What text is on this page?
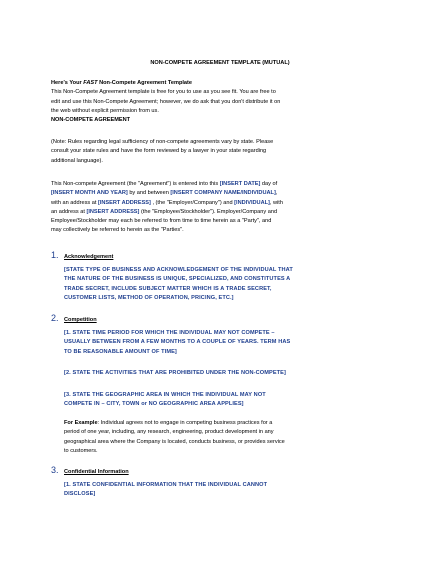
NON-COMPETE AGREEMENT TEMPLATE (MUTUAL)

Here's Your FAST Non-Compete Agreement Template

This Non-Compete Agreement template is free for you to use as you see fit. You are free to

edit and use this Non-Compete Agreement; however, we do ask that you don't distribute it on

the web without explicit permission from us.

NON-COMPETE AGREEMENT

(Note: Rules regarding legal sufficiency of non-compete agreements vary by state. Please

consult your state rules and have the form reviewed by a lawyer in your state regarding

additional language).

This Non-compete Agreement (the "Agreement") is entered into this [INSERT DATE] day of

[INSERT MONTH AND YEAR] by and between [INSERT COMPANY NAME/INDIVIDUAL],

with an address at [INSERT ADDRESS] , (the "Employer/Company") and [INDIVIDUAL], with

an address at [INSERT ADDRESS] (the "Employee/Stockholder"). Employer/Company and

Employee/Stockholder may each be referred to from time to time herein as a "Party", and

may collectively be referred to herein as the "Parties".

1. Acknowledgement

[STATE TYPE OF BUSINESS AND ACKNOWLEDGEMENT OF THE INDIVIDUAL THAT

THE NATURE OF THE BUSINESS IS UNIQUE, SPECIALIZED, AND CONSTITUTES A

TRADE SECRET, INCLUDE SUBJECT MATTER WHICH IS A TRADE SECRET,

CUSTOMER LISTS, METHOD OF OPERATION, PRICING, ETC.]

2. Competition

[1. STATE TIME PERIOD FOR WHICH THE INDIVIDUAL MAY NOT COMPETE –

USUALLY BETWEEN FROM A FEW MONTHS TO A COUPLE OF YEARS. TERM HAS

TO BE REASONABLE AMOUNT OF TIME]

[2. STATE THE ACTIVITIES THAT ARE PROHIBITED UNDER THE NON-COMPETE]

[3. STATE THE GEOGRAPHIC AREA IN WHICH THE INDIVIDUAL MAY NOT

COMPETE IN – CITY, TOWN or NO GEOGRAPHIC AREA APPLIES]

For Example: Individual agrees not to engage in competing business practices for a

period of one year, including, any research, engineering, product development in any

geographical area where the Company is located, conducts business, or provides service

to customers.

3. Confidential Information

[1. STATE CONFIDENTIAL INFORMATION THAT THE INDIVIDUAL CANNOT

DISCLOSE]
